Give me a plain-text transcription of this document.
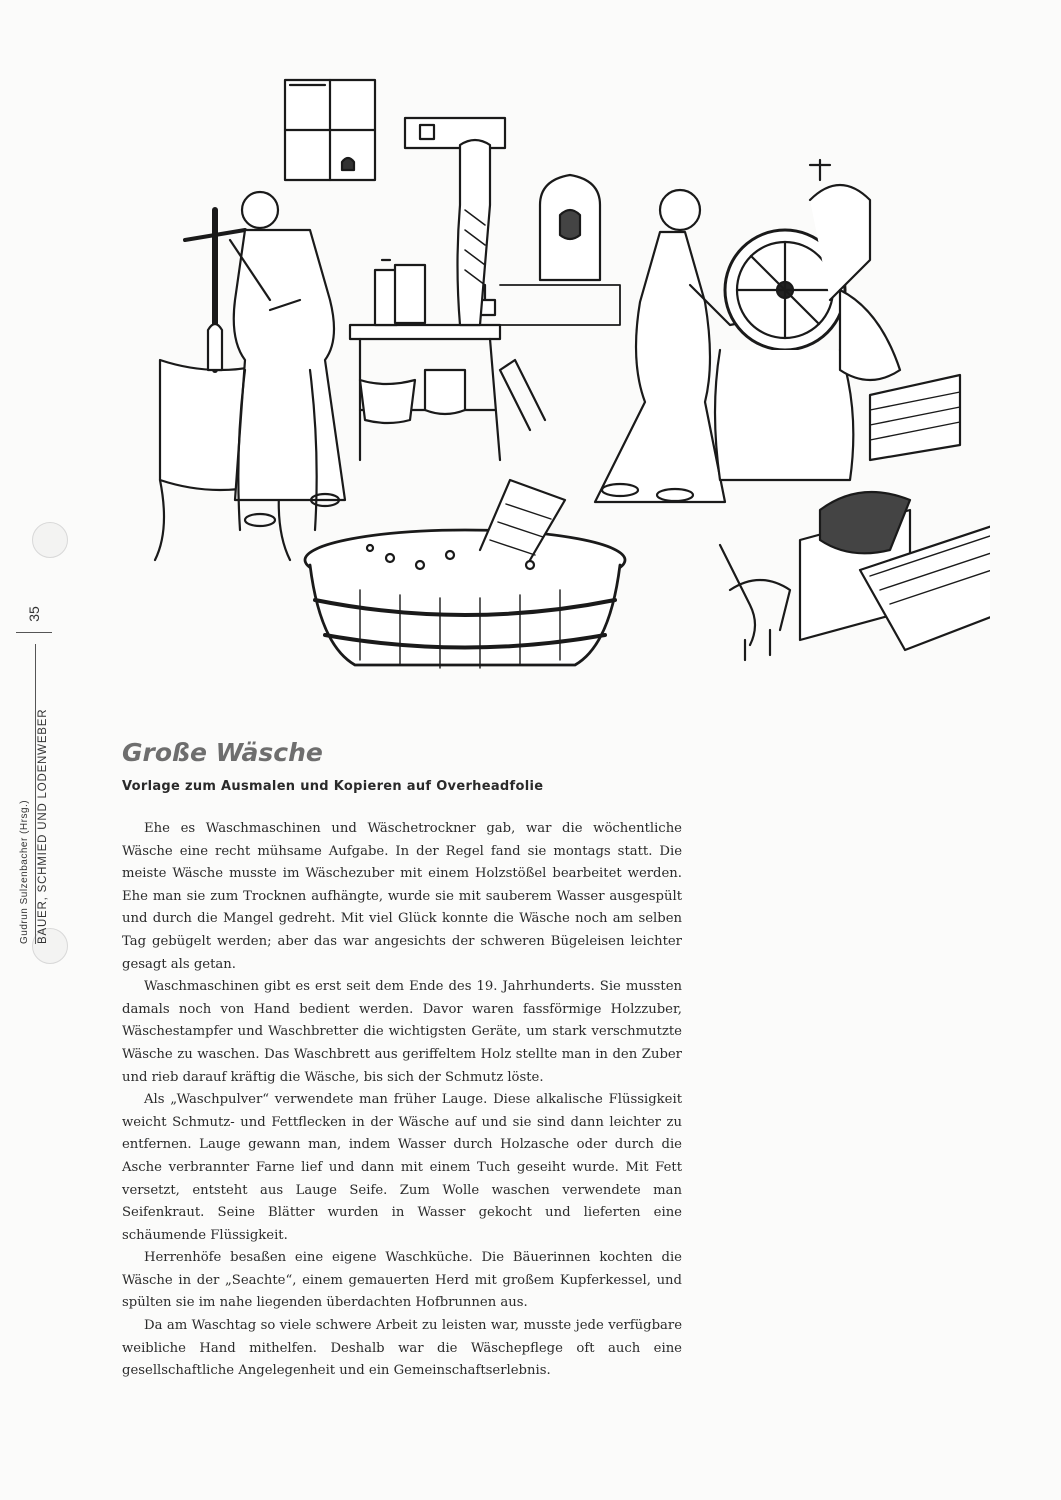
Gudrun Sulzenbacher (Hrsg.) BAUER, SCHMIED UND LODENWEBER
35
Große Wäsche
Vorlage zum Ausmalen und Kopieren auf Overheadfolie

Ehe es Waschmaschinen und Wäschetrockner gab, war die wöchentliche Wäsche eine recht mühsame Aufgabe. In der Regel fand sie montags statt. Die meiste Wäsche musste im Wäschezuber mit einem Holzstößel bearbeitet werden. Ehe man sie zum Trocknen aufhängte, wurde sie mit sauberem Wasser ausgespült und durch die Mangel gedreht. Mit viel Glück konnte die Wäsche noch am selben Tag gebügelt werden; aber das war angesichts der schweren Bügeleisen leichter gesagt als getan.

Waschmaschinen gibt es erst seit dem Ende des 19. Jahrhunderts. Sie mussten damals noch von Hand bedient werden. Davor waren fassförmige Holzzuber, Wäschestampfer und Waschbretter die wichtigsten Geräte, um stark verschmutzte Wäsche zu waschen. Das Waschbrett aus geriffeltem Holz stellte man in den Zuber und rieb darauf kräftig die Wäsche, bis sich der Schmutz löste.

Als „Waschpulver“ verwendete man früher Lauge. Diese alkalische Flüssigkeit weicht Schmutz- und Fettflecken in der Wäsche auf und sie sind dann leichter zu entfernen. Lauge gewann man, indem Wasser durch Holzasche oder durch die Asche verbrannter Farne lief und dann mit einem Tuch geseiht wurde. Mit Fett versetzt, entsteht aus Lauge Seife. Zum Wolle waschen verwendete man Seifenkraut. Seine Blätter wurden in Wasser gekocht und lieferten eine schäumende Flüssigkeit.

Herrenhöfe besaßen eine eigene Waschküche. Die Bäuerinnen kochten die Wäsche in der „Seachte“, einem gemauerten Herd mit großem Kupferkessel, und spülten sie im nahe liegenden überdachten Hofbrunnen aus.

Da am Waschtag so viele schwere Arbeit zu leisten war, musste jede verfügbare weibliche Hand mithelfen. Deshalb war die Wäschepflege oft auch eine gesellschaftliche Angelegenheit und ein Gemeinschaftserlebnis.
